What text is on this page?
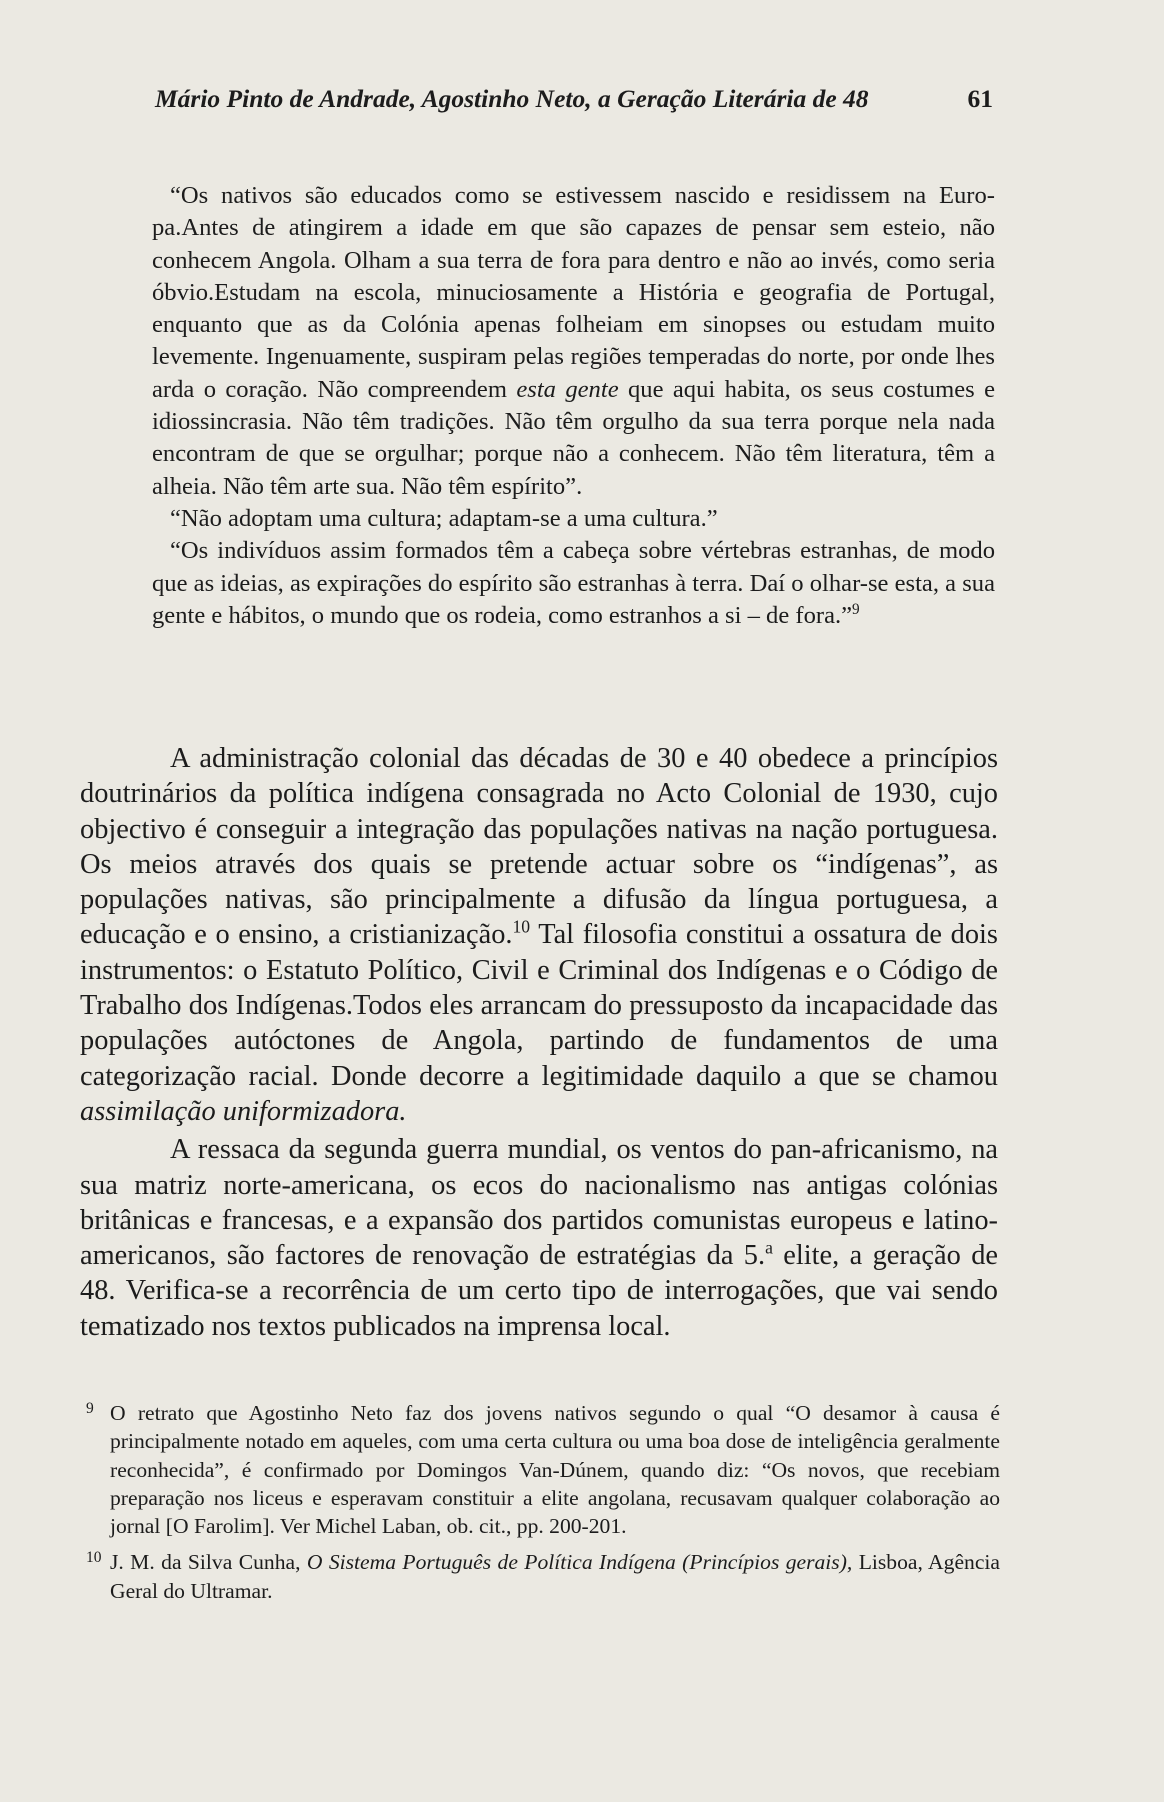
Mário Pinto de Andrade, Agostinho Neto, a Geração Literária de 48	61

“Os nativos são educados como se estivessem nascido e residissem na Euro-pa.Antes de atingirem a idade em que são capazes de pensar sem esteio, não conhecem Angola. Olham a sua terra de fora para dentro e não ao invés, como seria óbvio.Estudam na escola, minuciosamente a História e geografia de Portugal, enquanto que as da Colónia apenas folheiam em sinopses ou estudam muito levemente. Ingenuamente, suspiram pelas regiões temperadas do norte, por onde lhes arda o coração. Não compreendem esta gente que aqui habita, os seus costumes e idiossincrasia. Não têm tradições. Não têm orgulho da sua terra porque nela nada encontram de que se orgulhar; porque não a conhecem. Não têm literatura, têm a alheia. Não têm arte sua. Não têm espírito”.

“Não adoptam uma cultura; adaptam-se a uma cultura.”

“Os indivíduos assim formados têm a cabeça sobre vértebras estranhas, de modo que as ideias, as expirações do espírito são estranhas à terra. Daí o olhar-se esta, a sua gente e hábitos, o mundo que os rodeia, como estranhos a si – de fora.”$^9$

A administração colonial das décadas de 30 e 40 obedece a princípios doutrinários da política indígena consagrada no Acto Colonial de 1930, cujo objectivo é conseguir a integração das populações nativas na nação portuguesa. Os meios através dos quais se pretende actuar sobre os “indígenas”, as populações nativas, são principalmente a difusão da língua portuguesa, a educação e o ensino, a cristianização.$^{10}$ Tal filosofia constitui a ossatura de dois instrumentos: o Estatuto Político, Civil e Criminal dos Indígenas e o Código de Trabalho dos Indígenas.Todos eles arrancam do pressuposto da incapacidade das populações autóctones de Angola, partindo de fundamentos de uma categorização racial. Donde decorre a legitimidade daquilo a que se chamou assimilação uniformizadora.

A ressaca da segunda guerra mundial, os ventos do pan-africanismo, na sua matriz norte-americana, os ecos do nacionalismo nas antigas colónias britânicas e francesas, e a expansão dos partidos comunistas europeus e latino-americanos, são factores de renovação de estratégias da 5.$^a$ elite, a geração de 48. Verifica-se a recorrência de um certo tipo de interrogações, que vai sendo tematizado nos textos publicados na imprensa local.

9 O retrato que Agostinho Neto faz dos jovens nativos segundo o qual “O desamor à causa é principalmente notado em aqueles, com uma certa cultura ou uma boa dose de inteligência geralmente reconhecida”, é confirmado por Domingos Van-Dúnem, quando diz: “Os novos, que recebiam preparação nos liceus e esperavam constituir a elite angolana, recusavam qualquer colaboração ao jornal [O Farolim]. Ver Michel Laban, ob. cit., pp. 200-201.

10 J. M. da Silva Cunha, O Sistema Português de Política Indígena (Princípios gerais), Lisboa, Agência Geral do Ultramar.
